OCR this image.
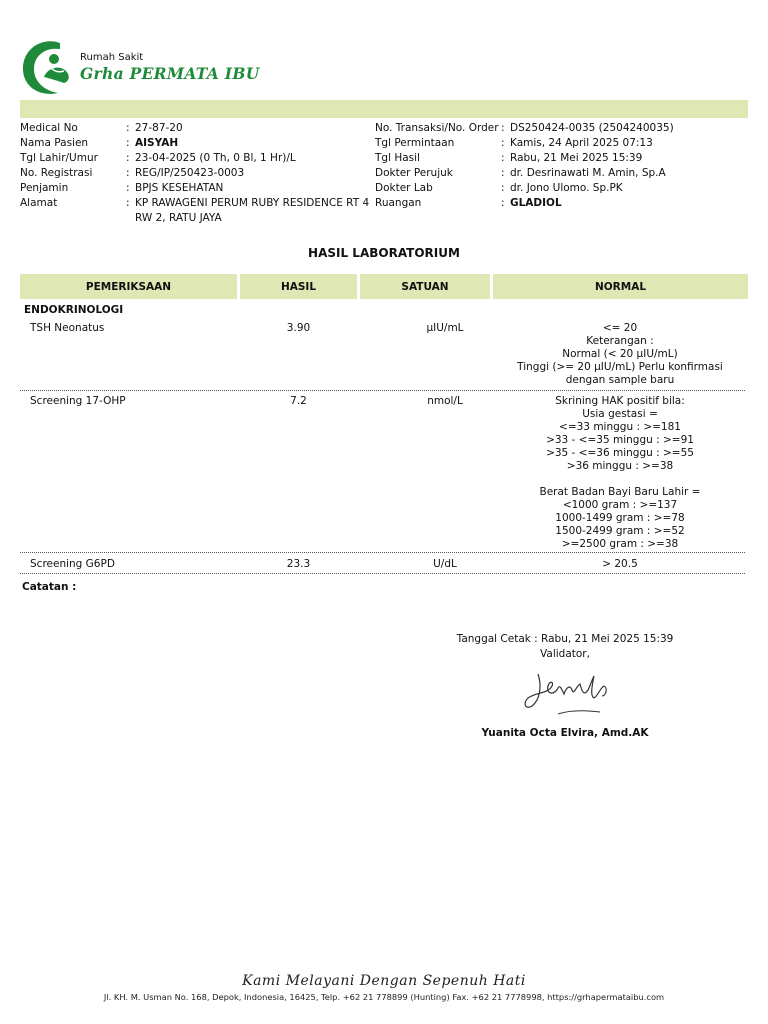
Rumah Sakit
Grha PERMATA IBU
Medical No	: 27-87-20
Nama Pasien	: AISYAH
Tgl Lahir/Umur	: 23-04-2025 (0 Th, 0 Bl, 1 Hr)/L
No. Registrasi	: REG/IP/250423-0003
Penjamin	: BPJS KESEHATAN
Alamat	: KP RAWAGENI PERUM RUBY RESIDENCE RT 4 RW 2, RATU JAYA
No. Transaksi/No. Order : DS250424-0035 (2504240035)
Tgl Permintaan	: Kamis, 24 April 2025 07:13
Tgl Hasil	: Rabu, 21 Mei 2025 15:39
Dokter Perujuk	: dr. Desrinawati M. Amin, Sp.A
Dokter Lab	: dr. Jono Ulomo. Sp.PK
Ruangan	: GLADIOL
HASIL LABORATORIUM
PEMERIKSAAN	HASIL	SATUAN	NORMAL
ENDOKRINOLOGI
TSH Neonatus	3.90	µIU/mL	<= 20
Keterangan :
Normal (< 20 µIU/mL)
Tinggi (>= 20 µIU/mL) Perlu konfirmasi
dengan sample baru
Screening 17-OHP	7.2	nmol/L	Skrining HAK positif bila:
Usia gestasi =
<=33 minggu : >=181
>33 - <=35 minggu : >=91
>35 - <=36 minggu : >=55
>36 minggu : >=38

Berat Badan Bayi Baru Lahir =
<1000 gram : >=137
1000-1499 gram : >=78
1500-2499 gram : >=52
>=2500 gram : >=38
Screening G6PD	23.3	U/dL	> 20.5
Catatan :
Tanggal Cetak : Rabu, 21 Mei 2025 15:39
Validator,
Yuanita Octa Elvira, Amd.AK
Kami Melayani Dengan Sepenuh Hati
Jl. KH. M. Usman No. 168, Depok, Indonesia, 16425, Telp. +62 21 778899 (Hunting) Fax. +62 21 7778998, https://grhapermataibu.com
